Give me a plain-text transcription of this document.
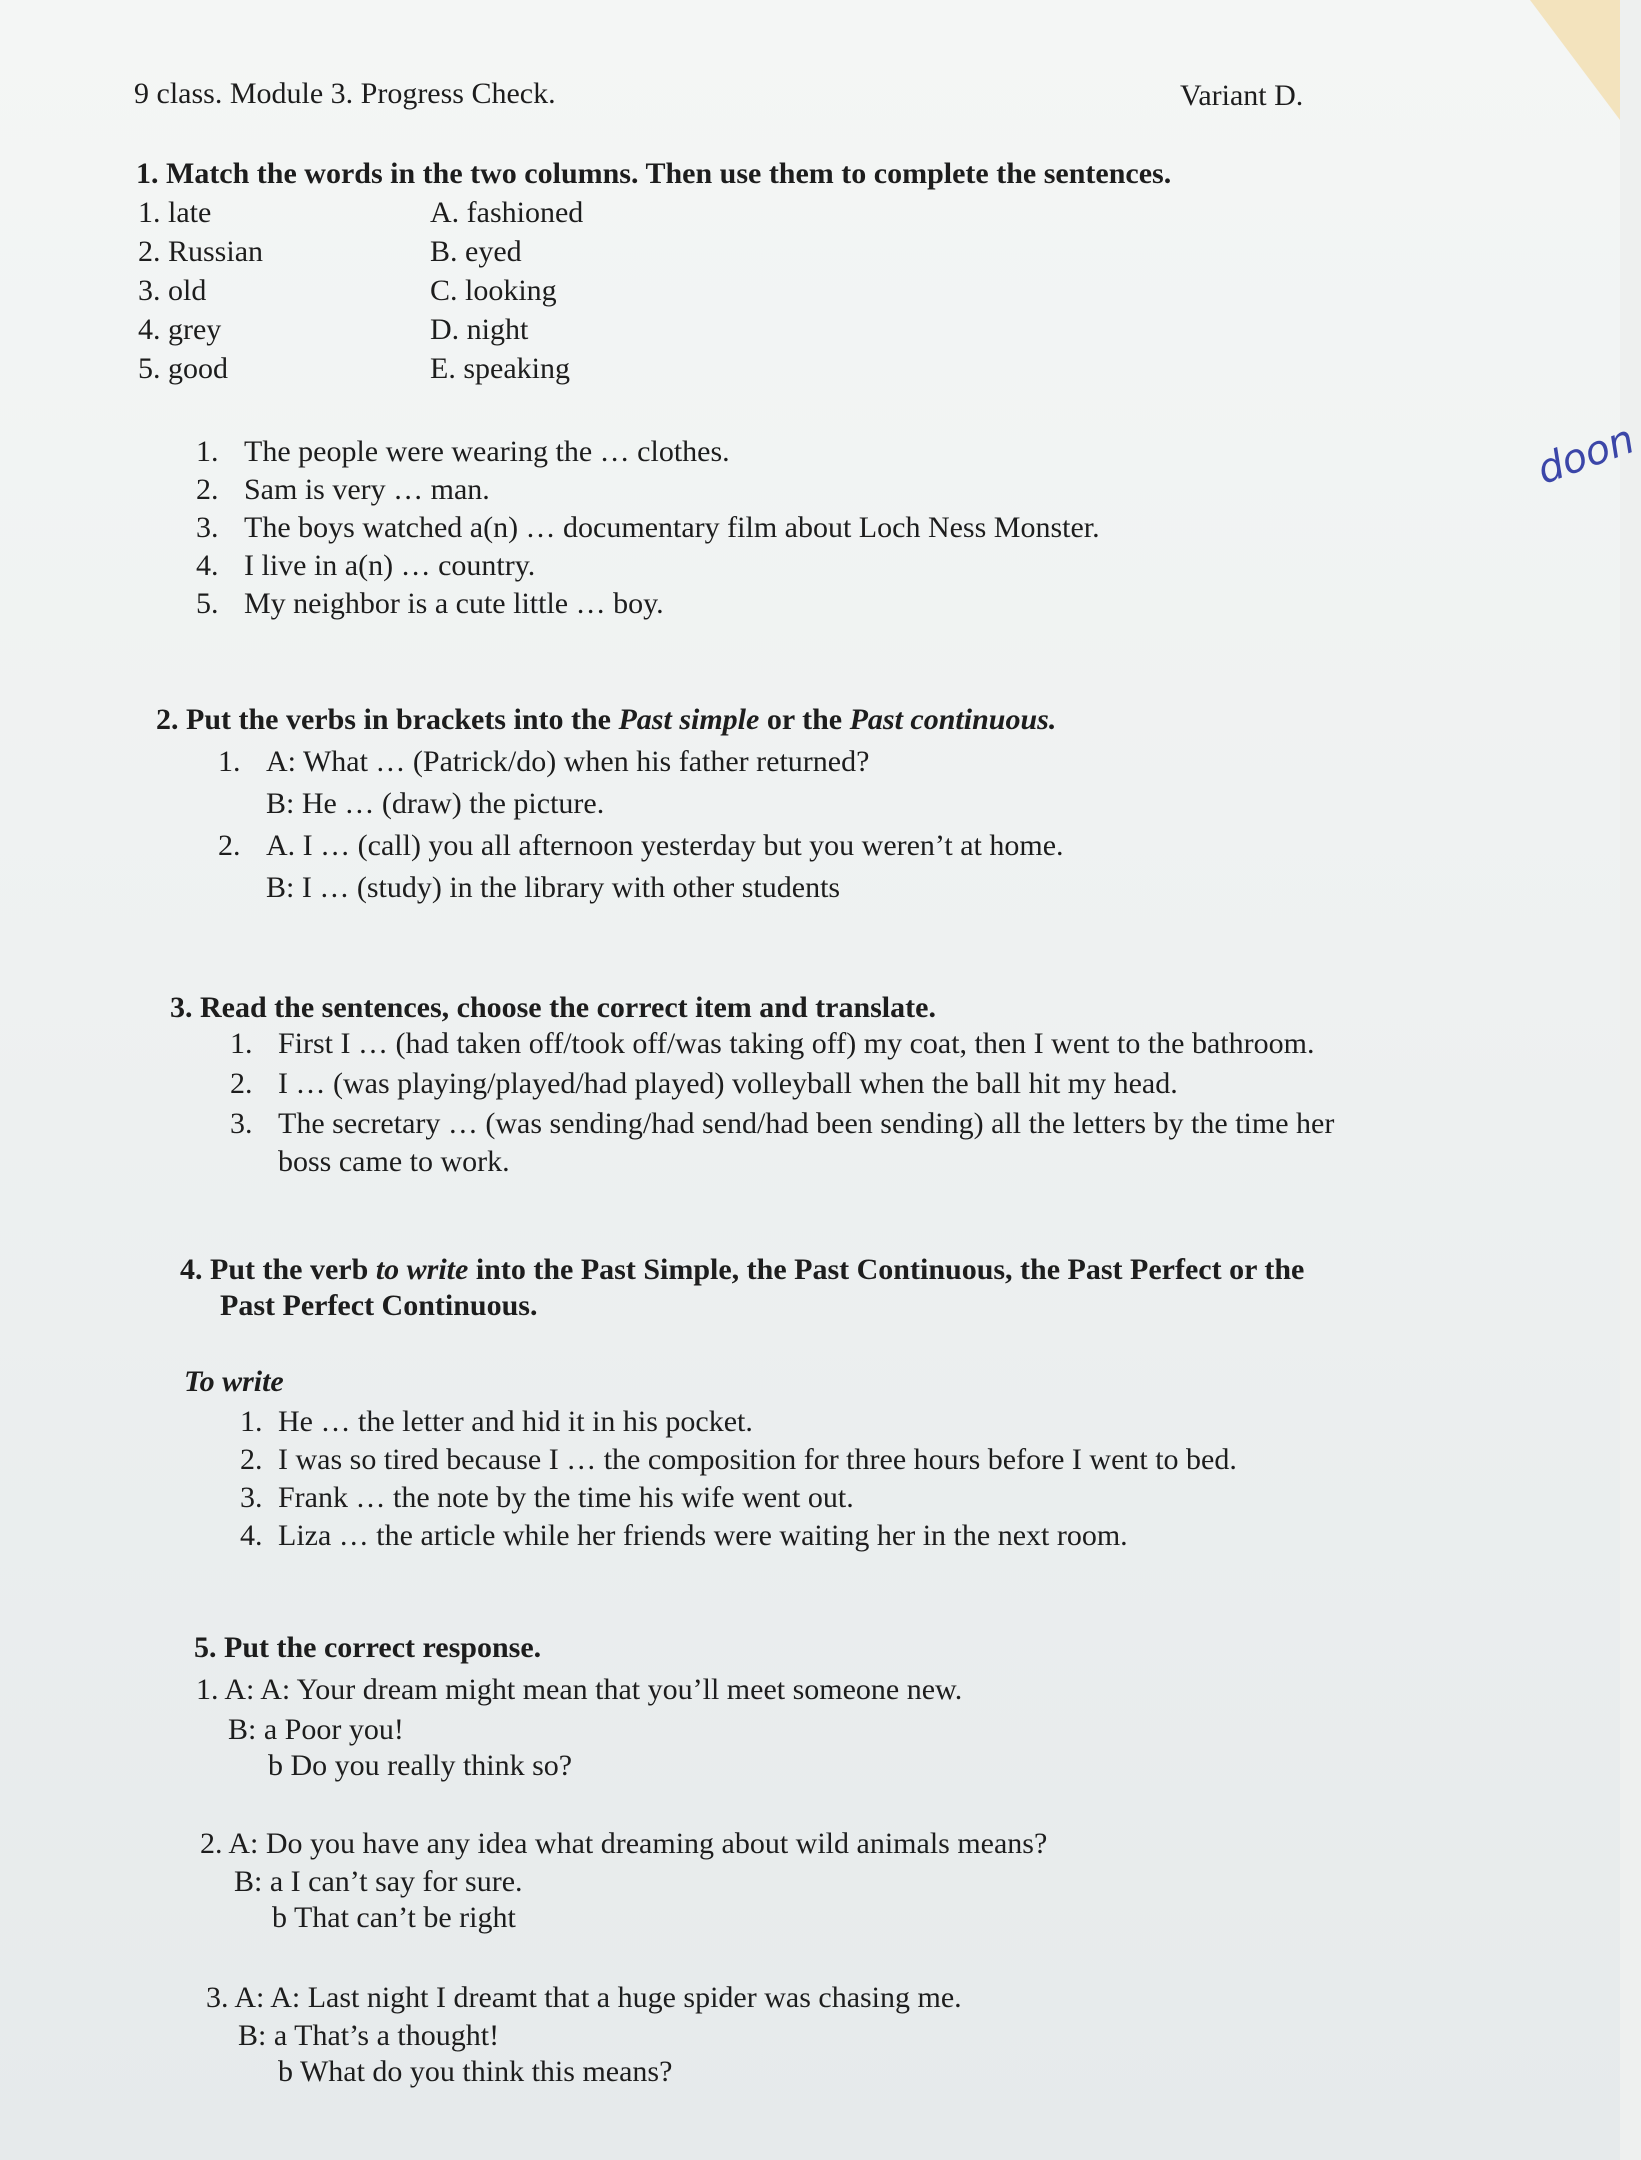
9 class. Module 3. Progress Check.	Variant D.
doon
1. Match the words in the two columns. Then use them to complete the sentences.
1. late
2. Russian
3. old
4. grey
5. good
A. fashioned
B. eyed
C. looking
D. night
E. speaking
1. The people were wearing the … clothes.
2. Sam is very … man.
3. The boys watched a(n) … documentary film about Loch Ness Monster.
4. I live in a(n) … country.
5. My neighbor is a cute little … boy.
2. Put the verbs in brackets into the Past simple or the Past continuous.
1. A: What … (Patrick/do) when his father returned?
B: He … (draw) the picture.
2. A. I … (call) you all afternoon yesterday but you weren’t at home.
B: I … (study) in the library with other students
3. Read the sentences, choose the correct item and translate.
1. First I … (had taken off/took off/was taking off) my coat, then I went to the bathroom.
2. I … (was playing/played/had played) volleyball when the ball hit my head.
3. The secretary … (was sending/had send/had been sending) all the letters by the time her
boss came to work.
4. Put the verb to write into the Past Simple, the Past Continuous, the Past Perfect or the
Past Perfect Continuous.
To write
1. He … the letter and hid it in his pocket.
2. I was so tired because I … the composition for three hours before I went to bed.
3. Frank … the note by the time his wife went out.
4. Liza … the article while her friends were waiting her in the next room.
5. Put the correct response.
1. A: A: Your dream might mean that you’ll meet someone new.
B: a Poor you!
b Do you really think so?
2. A: Do you have any idea what dreaming about wild animals means?
B: a I can’t say for sure.
b That can’t be right
3. A: A: Last night I dreamt that a huge spider was chasing me.
B: a That’s a thought!
b What do you think this means?
